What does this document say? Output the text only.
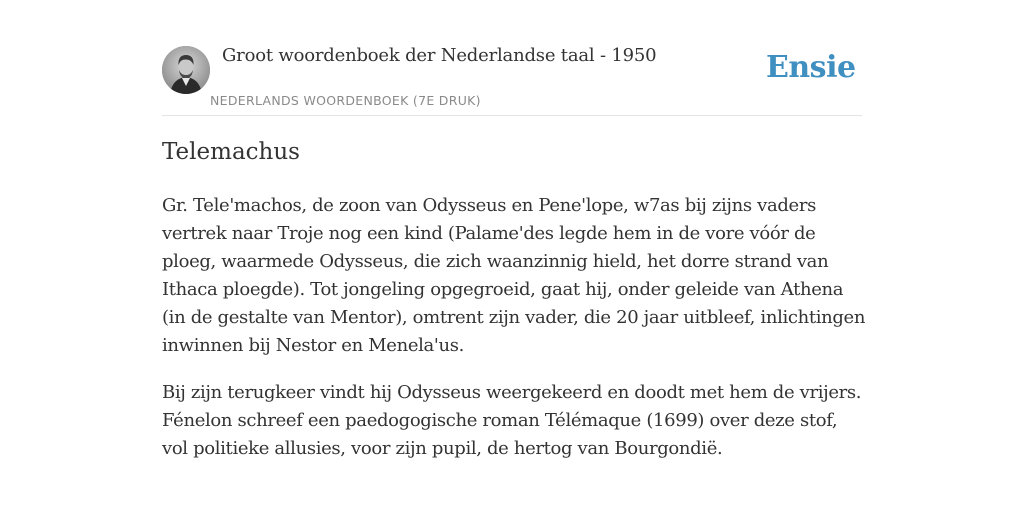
Groot woordenboek der Nederlandse taal - 1950
NEDERLANDS WOORDENBOEK (7E DRUK)
Ensie
Telemachus

Gr. Tele'machos, de zoon van Odysseus en Pene'lope, w7as bij zijns vaders vertrek naar Troje nog een kind (Palame'des legde hem in de vore vóór de ploeg, waarmede Odysseus, die zich waanzinnig hield, het dorre strand van Ithaca ploegde). Tot jongeling opgegroeid, gaat hij, onder geleide van Athena (in de gestalte van Mentor), omtrent zijn vader, die 20 jaar uitbleef, inlichtingen inwinnen bij Nestor en Menela'us.

Bij zijn terugkeer vindt hij Odysseus weergekeerd en doodt met hem de vrijers. Fénelon schreef een paedogogische roman Télémaque (1699) over deze stof, vol politieke allusies, voor zijn pupil, de hertog van Bourgondië.
